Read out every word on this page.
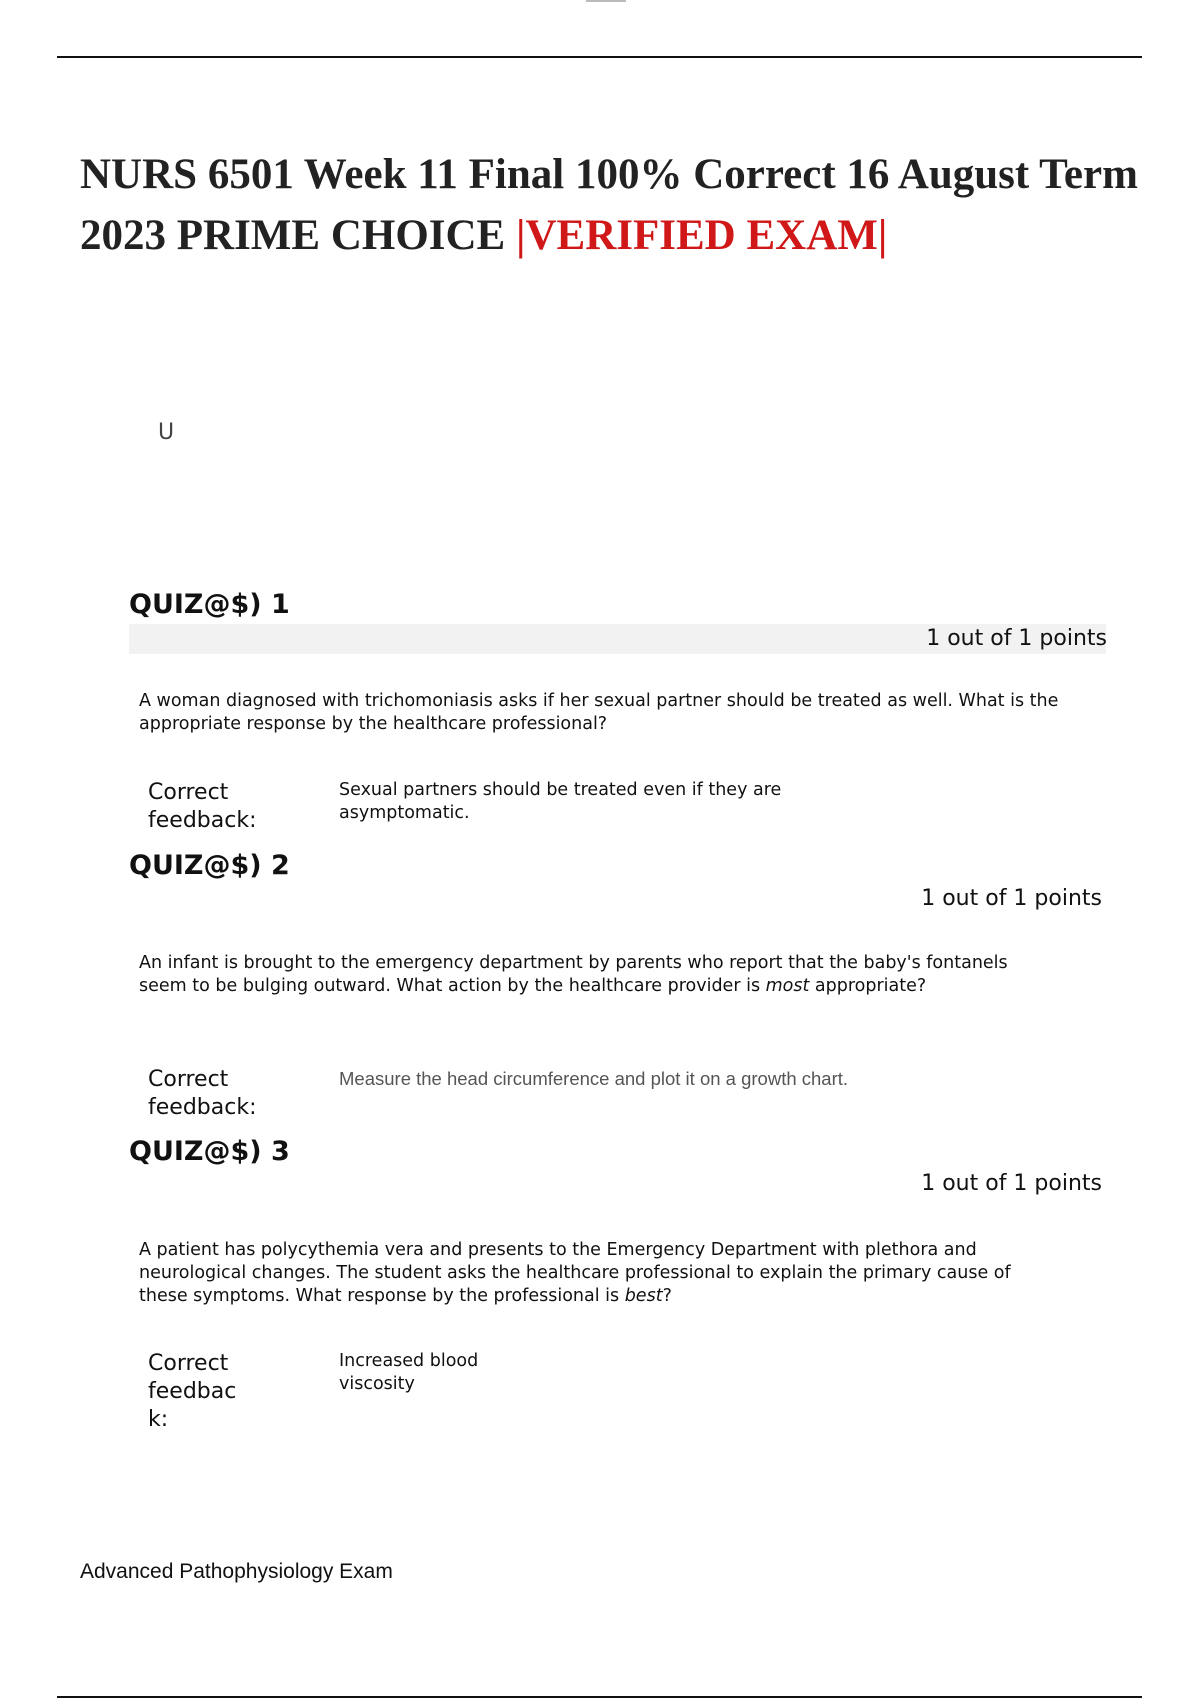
NURS 6501 Week 11 Final 100% Correct 16 August Term 2023 PRIME CHOICE |VERIFIED EXAM|
U
QUIZ@$) 1
1 out of 1 points

A woman diagnosed with trichomoniasis asks if her sexual partner should be treated as well. What is the appropriate response by the healthcare professional?

Correct feedback:
Sexual partners should be treated even if they are asymptomatic.
QUIZ@$) 2
1 out of 1 points

An infant is brought to the emergency department by parents who report that the baby's fontanels seem to be bulging outward. What action by the healthcare provider is most appropriate?

Correct feedback:
Measure the head circumference and plot it on a growth chart.
QUIZ@$) 3
1 out of 1 points

A patient has polycythemia vera and presents to the Emergency Department with plethora and neurological changes. The student asks the healthcare professional to explain the primary cause of these symptoms. What response by the professional is best?

Correct feedbac k:
Increased blood viscosity
Advanced Pathophysiology Exam
